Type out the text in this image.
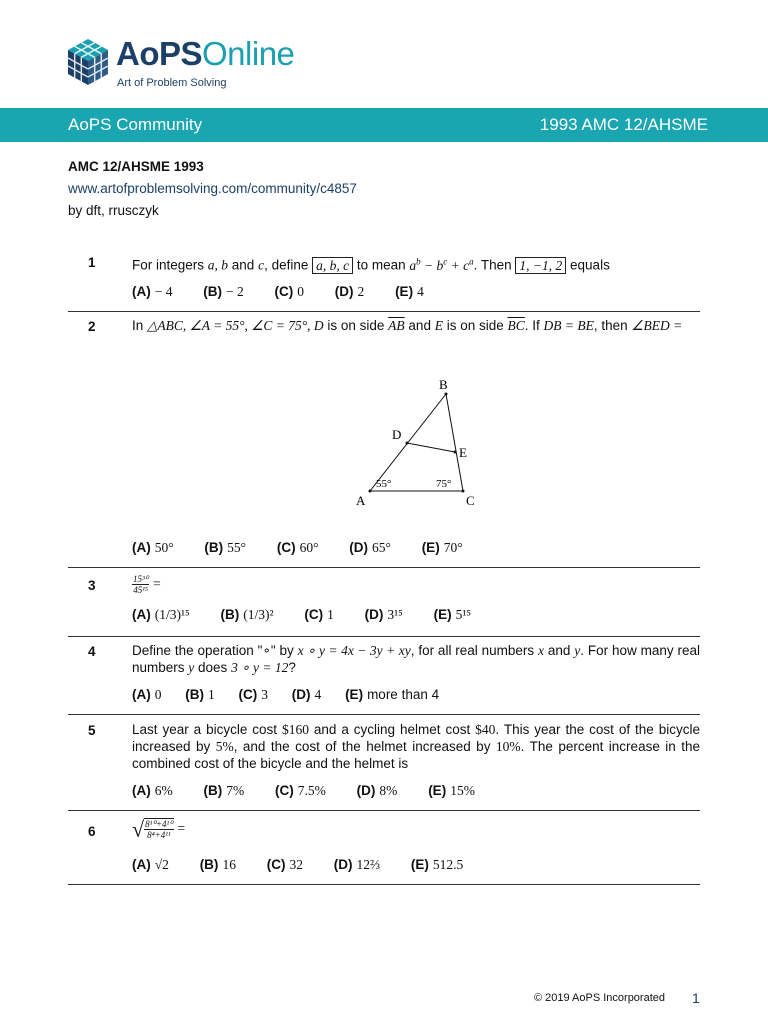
AoPSOnline
Art of Problem Solving
AoPS Community	1993 AMC 12/AHSME
AMC 12/AHSME 1993
www.artofproblemsolving.com/community/c4857
by dft, rrusczyk
1	For integers a, b and c, define a, b, c to mean $a^b - b^c + c^a$. Then 1, −1, 2 equals
(A) − 4 (B) − 2 (C) 0 (D) 2 (E) 4
2	In △ABC, ∠A = 55°, ∠C = 75°, D is on side $\overline{AB}$ and E is on side $\overline{BC}$. If DB = BE, then ∠BED =
B
D
E
A	C
55°	75°
(A) 50° (B) 55° (C) 60° (D) 65° (E) 70°
3	$\frac{\text{15³⁰}}{\text{45¹⁵}}$ =
(A) (1/3)¹⁵ (B) (1/3)² (C) 1 (D) 3¹⁵ (E) 5¹⁵
4	Define the operation "∘" by x ∘ y = 4x − 3y + xy, for all real numbers x and y. For how many real numbers y does 3 ∘ y = 12?
(A) 0 (B) 1 (C) 3 (D) 4 (E) more than 4
5	Last year a bicycle cost $160 and a cycling helmet cost $40. This year the cost of the bicycle increased by 5%, and the cost of the helmet increased by 10%. The percent increase in the combined cost of the bicycle and the helmet is
(A) 6% (B) 7% (C) 7.5% (D) 8% (E) 15%
6 √ $\frac{\text{8¹⁰+4¹⁰}}{\text{8⁴+4¹¹}}$ =
(A) √2 (B) 16 (C) 32 (D) 12⅔ (E) 512.5
© 2019 AoPS Incorporated 1
